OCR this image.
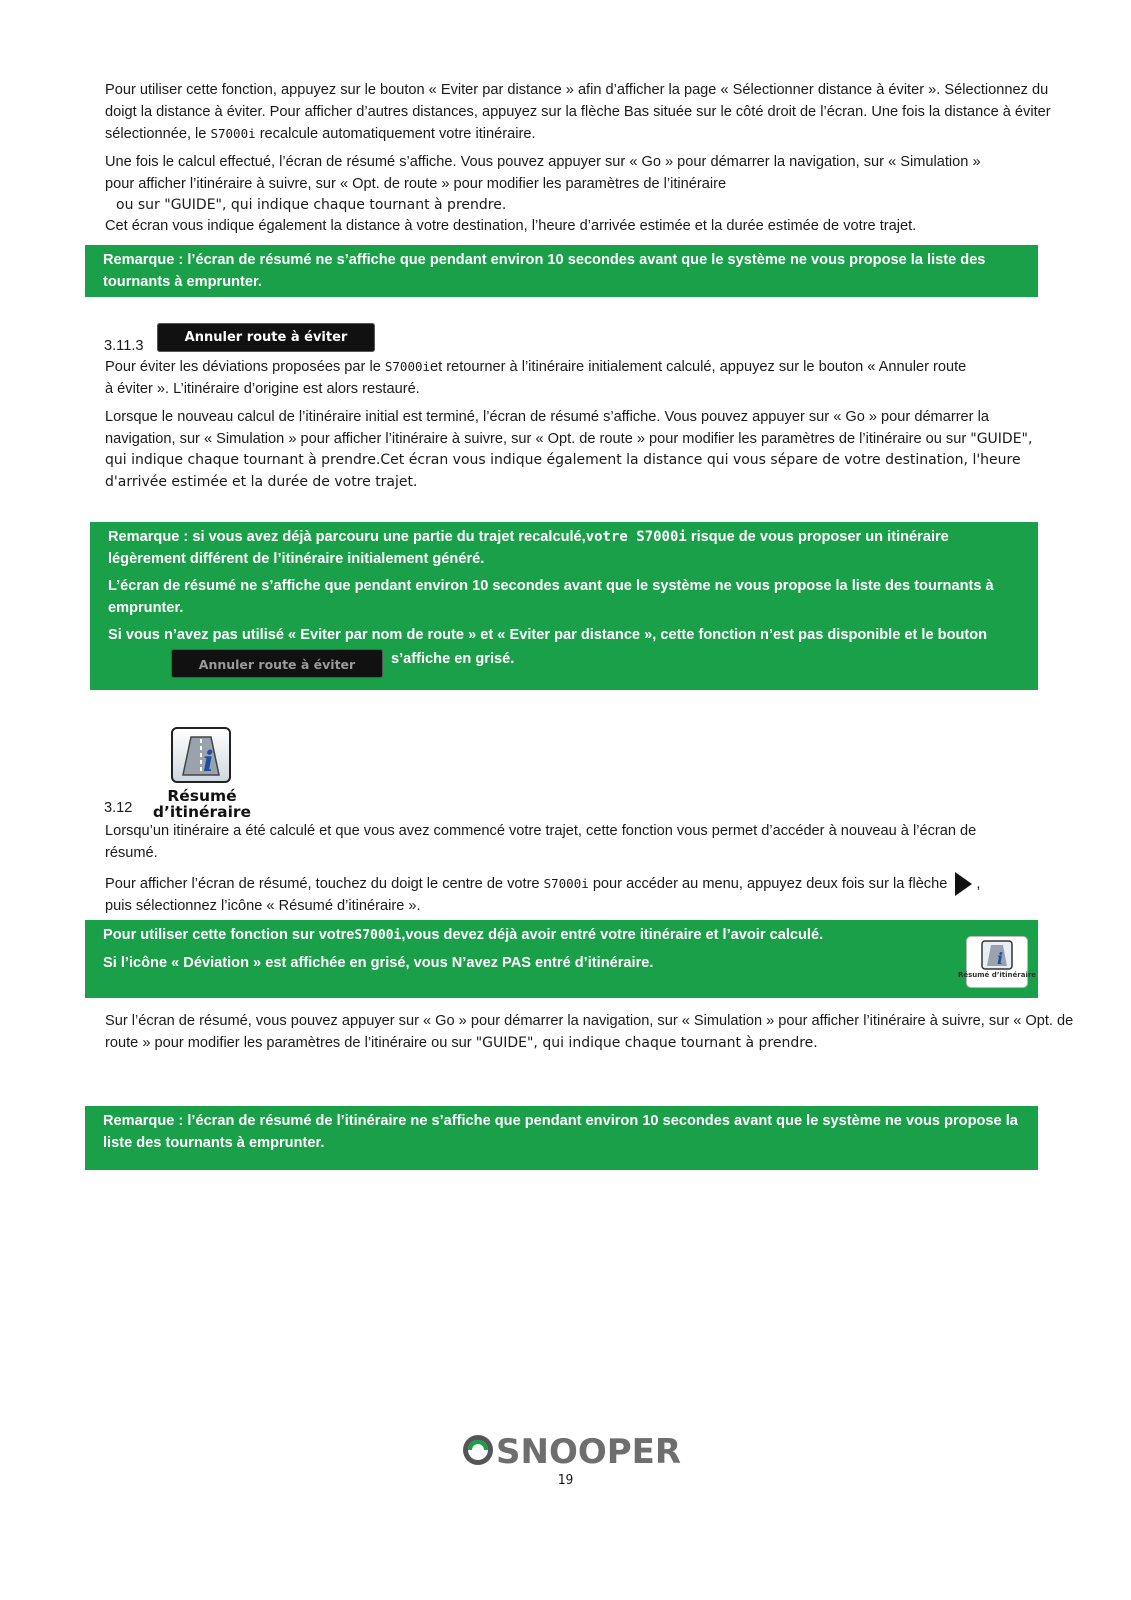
Pour utiliser cette fonction, appuyez sur le bouton « Eviter par distance » afin d’afficher la page « Sélectionner distance à éviter ». Sélectionnez du doigt la distance à éviter. Pour afficher d’autres distances, appuyez sur la flèche Bas située sur le côté droit de l’écran. Une fois la distance à éviter sélectionnée, le S7000i recalcule automatiquement votre itinéraire.

Une fois le calcul effectué, l’écran de résumé s’affiche. Vous pouvez appuyer sur « Go » pour démarrer la navigation, sur « Simulation » pour afficher l’itinéraire à suivre, sur « Opt. de route » pour modifier les paramètres de l’itinéraire

ou sur "GUIDE", qui indique chaque tournant à prendre.

Cet écran vous indique également la distance à votre destination, l’heure d’arrivée estimée et la durée estimée de votre trajet.

Remarque : l’écran de résumé ne s’affiche que pendant environ 10 secondes avant que le système ne vous propose la liste des tournants à emprunter.

3.11.3
Annuler route à éviter

Pour éviter les déviations proposées par le S7000iet retourner à l’itinéraire initialement calculé, appuyez sur le bouton « Annuler route à éviter ». L’itinéraire d’origine est alors restauré.

Lorsque le nouveau calcul de l’itinéraire initial est terminé, l’écran de résumé s’affiche. Vous pouvez appuyer sur « Go » pour démarrer la navigation, sur « Simulation » pour afficher l’itinéraire à suivre, sur « Opt. de route » pour modifier les paramètres de l’itinéraire ou sur "GUIDE", qui indique chaque tournant à prendre.Cet écran vous indique également la distance qui vous sépare de votre destination, l'heure d'arrivée estimée et la durée de votre trajet.

Remarque : si vous avez déjà parcouru une partie du trajet recalculé,votre S7000i risque de vous proposer un itinéraire légèrement différent de l’itinéraire initialement généré.

L’écran de résumé ne s’affiche que pendant environ 10 secondes avant que le système ne vous propose la liste des tournants à emprunter.

Si vous n’avez pas utilisé « Eviter par nom de route » et « Eviter par distance », cette fonction n’est pas disponible et le bouton

Annuler route à éviter	s’affiche en grisé.
i
Résumé d’itinéraire
3.12

Lorsqu’un itinéraire a été calculé et que vous avez commencé votre trajet, cette fonction vous permet d’accéder à nouveau à l’écran de résumé.

Pour afficher l’écran de résumé, touchez du doigt le centre de votre S7000i pour accéder au menu, appuyez deux fois sur la flèche , puis sélectionnez l’icône « Résumé d’itinéraire ».

Pour utiliser cette fonction sur votreS7000i,vous devez déjà avoir entré votre itinéraire et l’avoir calculé.

Si l’icône « Déviation » est affichée en grisé, vous N’avez PAS entré d’itinéraire.	i
Résumé d’itinéraire

Sur l’écran de résumé, vous pouvez appuyer sur « Go » pour démarrer la navigation, sur « Simulation » pour afficher l’itinéraire à suivre, sur « Opt. de route » pour modifier les paramètres de l’itinéraire ou sur "GUIDE", qui indique chaque tournant à prendre.

Remarque : l’écran de résumé de l’itinéraire ne s’affiche que pendant environ 10 secondes avant que le système ne vous propose la liste des tournants à emprunter.

SNOOPER
19
